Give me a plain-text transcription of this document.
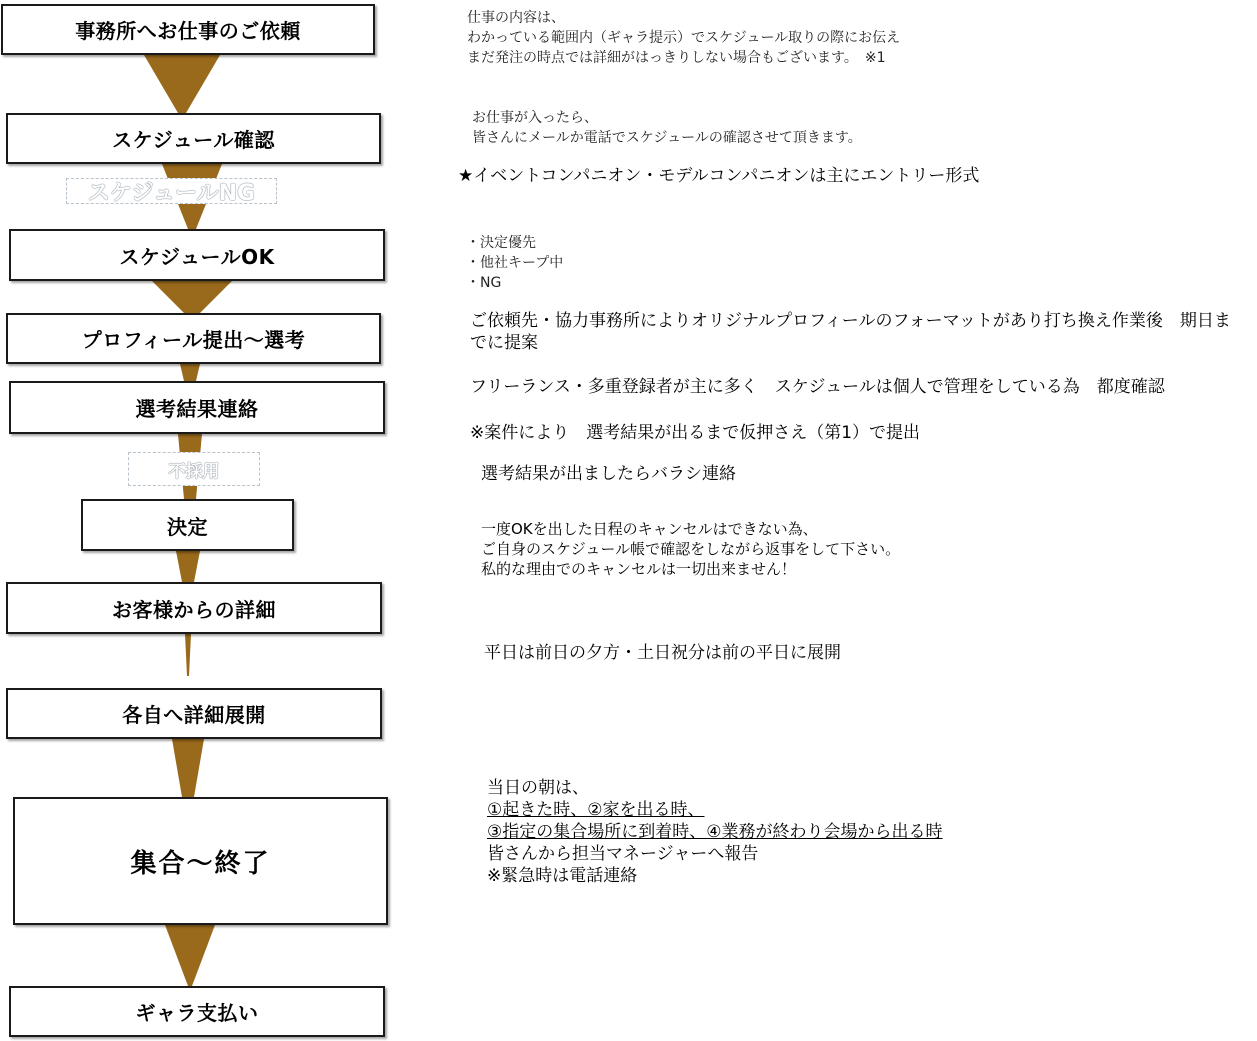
事務所へお仕事のご依頼
スケジュール確認
スケジュールNG
スケジュールOK
プロフィール提出～選考
選考結果連絡
不採用
決定
お客様からの詳細
各自へ詳細展開
集合～終了
ギャラ支払い
仕事の内容は、
わかっている範囲内（ギャラ提示）でスケジュール取りの際にお伝え
まだ発注の時点では詳細がはっきりしない場合もございます。　※1
お仕事が入ったら、
皆さんにメールか電話でスケジュールの確認させて頂きます。
★イベントコンパニオン・モデルコンパニオンは主にエントリー形式
・決定優先
・他社キープ中
・NG
ご依頼先・協力事務所によりオリジナルプロフィールのフォーマットがあり打ち換え作業後　期日ま
でに提案
フリーランス・多重登録者が主に多く　スケジュールは個人で管理をしている為　都度確認
※案件により　選考結果が出るまで仮押さえ（第1）で提出
選考結果が出ましたらバラシ連絡
一度OKを出した日程のキャンセルはできない為、
ご自身のスケジュール帳で確認をしながら返事をして下さい。
私的な理由でのキャンセルは一切出来ません！
平日は前日の夕方・土日祝分は前の平日に展開
当日の朝は、
①起きた時、②家を出る時、
③指定の集合場所に到着時、④業務が終わり会場から出る時
皆さんから担当マネージャーへ報告
※緊急時は電話連絡
